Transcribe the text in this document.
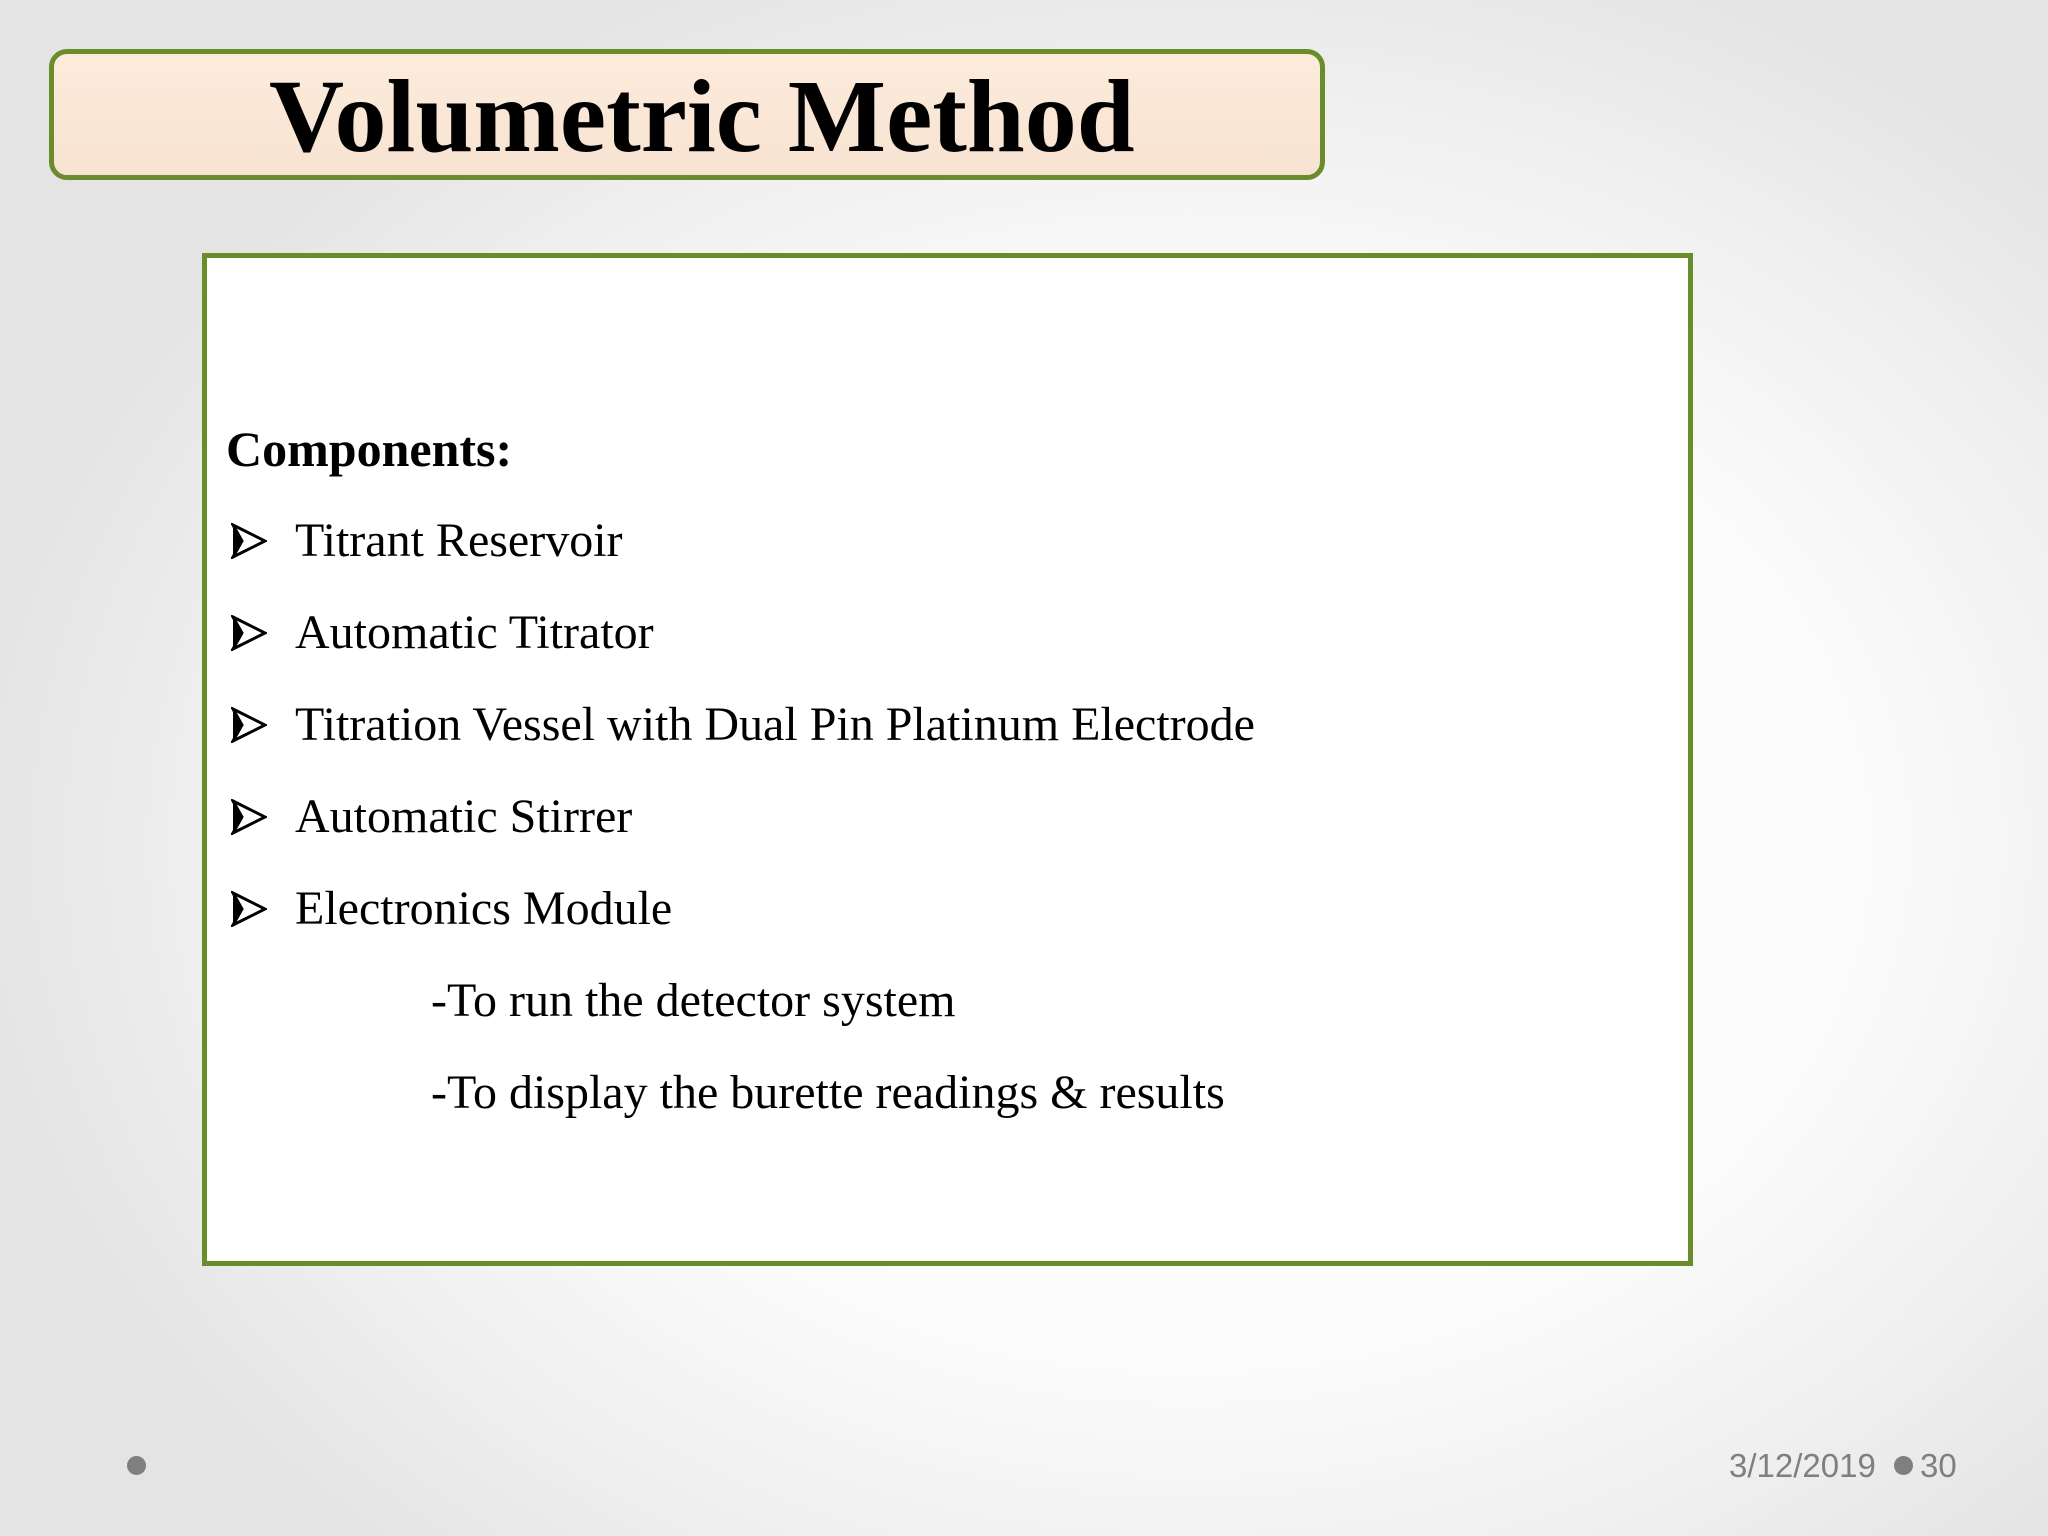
Volumetric Method
Components:
Titrant Reservoir
Automatic Titrator
Titration Vessel with Dual Pin Platinum Electrode
Automatic Stirrer
Electronics Module
-To run the detector system
-To display the burette readings & results
3/12/2019 30
